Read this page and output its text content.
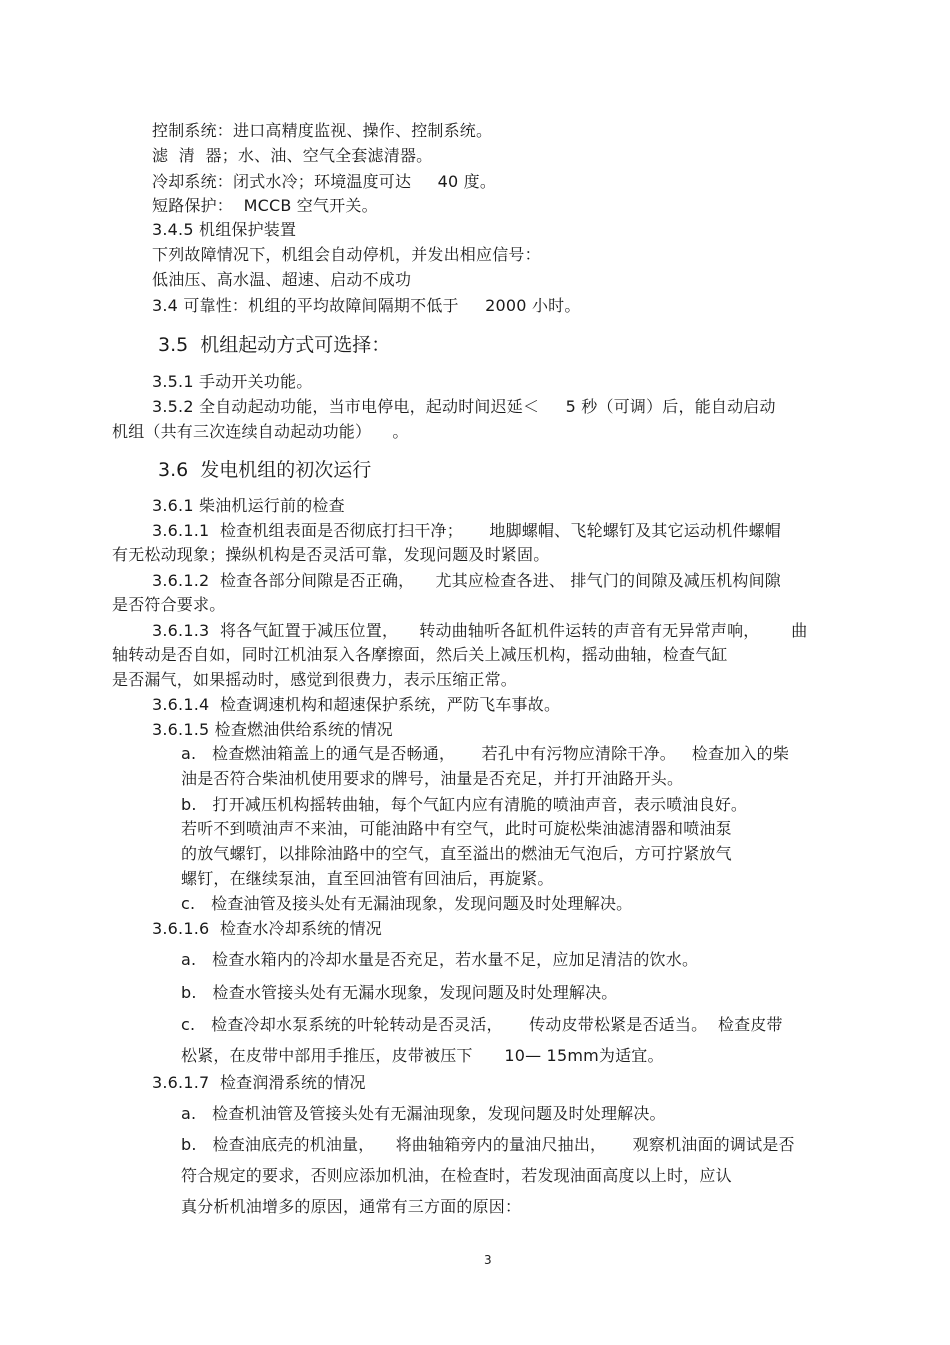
控制系统：进口高精度监视、操作、控制系统。
滤  清  器；水、油、空气全套滤清器。
冷却系统：闭式水冷；环境温度可达     40 度。
短路保护：  MCCB 空气开关。
3.4.5 机组保护装置
下列故障情况下，机组会自动停机，并发出相应信号：
低油压、高水温、超速、启动不成功
3.4 可靠性：机组的平均故障间隔期不低于     2000 小时。
3.5  机组起动方式可选择：
3.5.1 手动开关功能。
3.5.2 全自动起动功能，当市电停电，起动时间迟延＜     5 秒（可调）后，能自动启动
机组（共有三次连续自动起动功能）    。
3.6  发电机组的初次运行
3.6.1 柴油机运行前的检查
3.6.1.1  检查机组表面是否彻底打扫干净；     地脚螺帽、飞轮螺钉及其它运动机件螺帽
有无松动现象；操纵机构是否灵活可靠，发现问题及时紧固。
3.6.1.2  检查各部分间隙是否正确，    尤其应检查各进、 排气门的间隙及减压机构间隙
是否符合要求。
3.6.1.3  将各气缸置于减压位置，    转动曲轴听各缸机件运转的声音有无异常声响，      曲
轴转动是否自如，同时江机油泵入各摩擦面，然后关上减压机构，摇动曲轴，检查气缸
是否漏气，如果摇动时，感觉到很费力，表示压缩正常。
3.6.1.4  检查调速机构和超速保护系统，严防飞车事故。
3.6.1.5 检查燃油供给系统的情况
a.   检查燃油箱盖上的通气是否畅通，     若孔中有污物应清除干净。   检查加入的柴
油是否符合柴油机使用要求的牌号，油量是否充足，并打开油路开头。
b.   打开减压机构摇转曲轴，每个气缸内应有清脆的喷油声音，表示喷油良好。
若听不到喷油声不来油，可能油路中有空气，此时可旋松柴油滤清器和喷油泵
的放气螺钉，以排除油路中的空气，直至溢出的燃油无气泡后，方可拧紧放气
螺钉，在继续泵油，直至回油管有回油后，再旋紧。
c.   检查油管及接头处有无漏油现象，发现问题及时处理解决。
3.6.1.6  检查水冷却系统的情况
a.   检查水箱内的冷却水量是否充足，若水量不足，应加足清洁的饮水。
b.   检查水管接头处有无漏水现象，发现问题及时处理解决。
c.   检查冷却水泵系统的叶轮转动是否灵活，     传动皮带松紧是否适当。  检查皮带
松紧，在皮带中部用手推压，皮带被压下      10— 15mm为适宜。
3.6.1.7  检查润滑系统的情况
a.   检查机油管及管接头处有无漏油现象，发现问题及时处理解决。
b.   检查油底壳的机油量，    将曲轴箱旁内的量油尺抽出，     观察机油面的调试是否
符合规定的要求，否则应添加机油，在检查时，若发现油面高度以上时，应认
真分析机油增多的原因，通常有三方面的原因：
3
